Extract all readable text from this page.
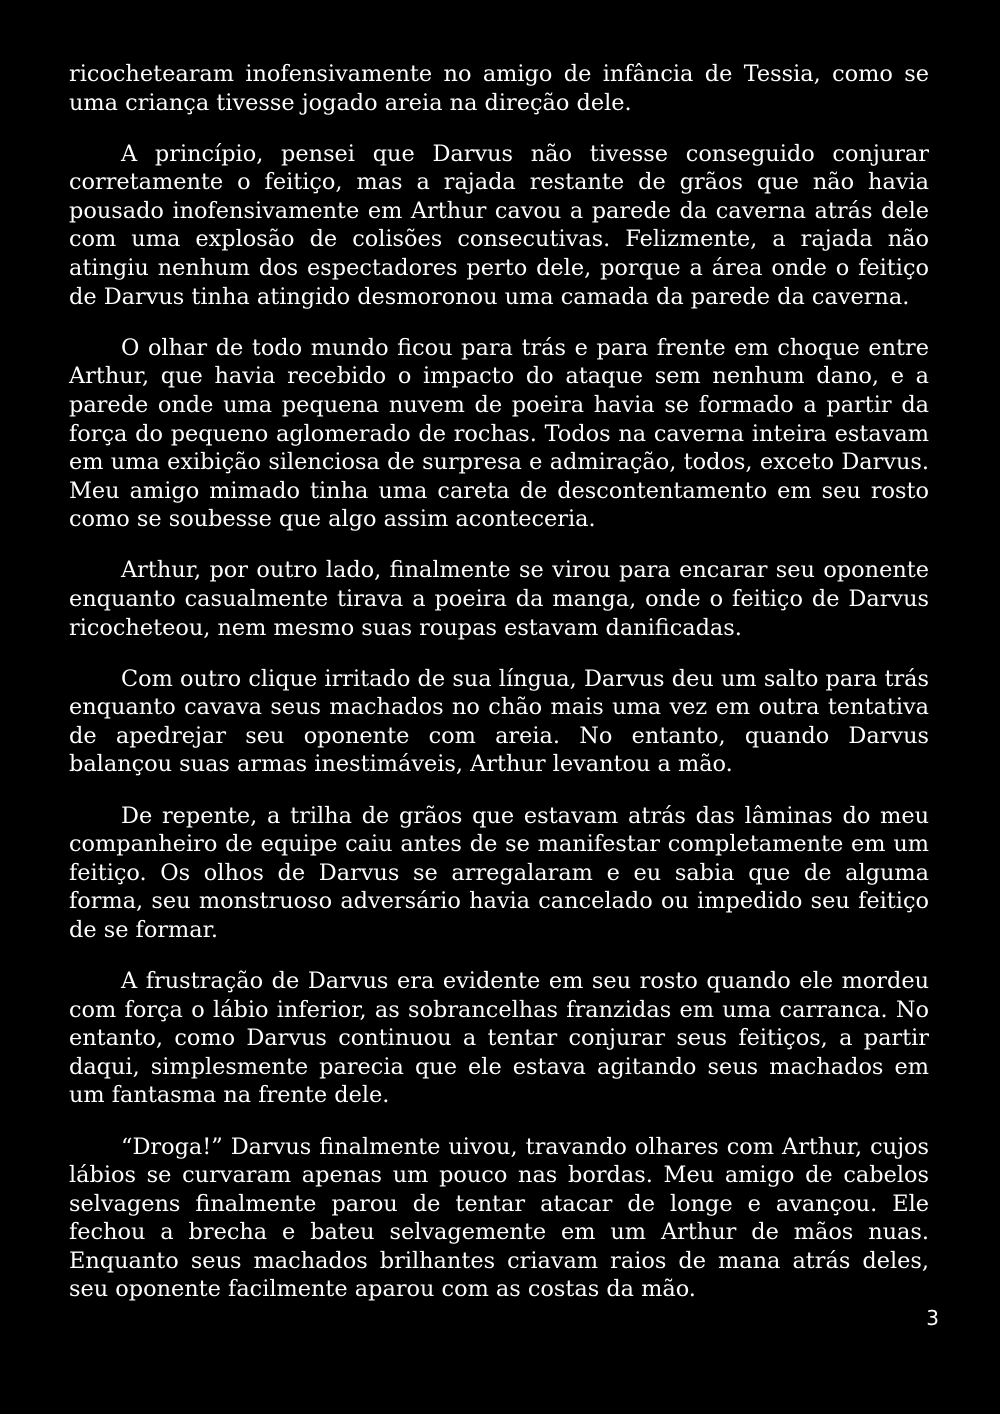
ricochetearam inofensivamente no amigo de infância de Tessia, como se uma criança tivesse jogado areia na direção dele.

A princípio, pensei que Darvus não tivesse conseguido conjurar corretamente o feitiço, mas a rajada restante de grãos que não havia pousado inofensivamente em Arthur cavou a parede da caverna atrás dele com uma explosão de colisões consecutivas. Felizmente, a rajada não atingiu nenhum dos espectadores perto dele, porque a área onde o feitiço de Darvus tinha atingido desmoronou uma camada da parede da caverna.

O olhar de todo mundo ficou para trás e para frente em choque entre Arthur, que havia recebido o impacto do ataque sem nenhum dano, e a parede onde uma pequena nuvem de poeira havia se formado a partir da força do pequeno aglomerado de rochas. Todos na caverna inteira estavam em uma exibição silenciosa de surpresa e admiração, todos, exceto Darvus. Meu amigo mimado tinha uma careta de descontentamento em seu rosto como se soubesse que algo assim aconteceria.

Arthur, por outro lado, finalmente se virou para encarar seu oponente enquanto casualmente tirava a poeira da manga, onde o feitiço de Darvus ricocheteou, nem mesmo suas roupas estavam danificadas.

Com outro clique irritado de sua língua, Darvus deu um salto para trás enquanto cavava seus machados no chão mais uma vez em outra tentativa de apedrejar seu oponente com areia. No entanto, quando Darvus balançou suas armas inestimáveis, Arthur levantou a mão.

De repente, a trilha de grãos que estavam atrás das lâminas do meu companheiro de equipe caiu antes de se manifestar completamente em um feitiço. Os olhos de Darvus se arregalaram e eu sabia que de alguma forma, seu monstruoso adversário havia cancelado ou impedido seu feitiço de se formar.

A frustração de Darvus era evidente em seu rosto quando ele mordeu com força o lábio inferior, as sobrancelhas franzidas em uma carranca. No entanto, como Darvus continuou a tentar conjurar seus feitiços, a partir daqui, simplesmente parecia que ele estava agitando seus machados em um fantasma na frente dele.

“Droga!” Darvus finalmente uivou, travando olhares com Arthur, cujos lábios se curvaram apenas um pouco nas bordas. Meu amigo de cabelos selvagens finalmente parou de tentar atacar de longe e avançou. Ele fechou a brecha e bateu selvagemente em um Arthur de mãos nuas. Enquanto seus machados brilhantes criavam raios de mana atrás deles, seu oponente facilmente aparou com as costas da mão.

3
